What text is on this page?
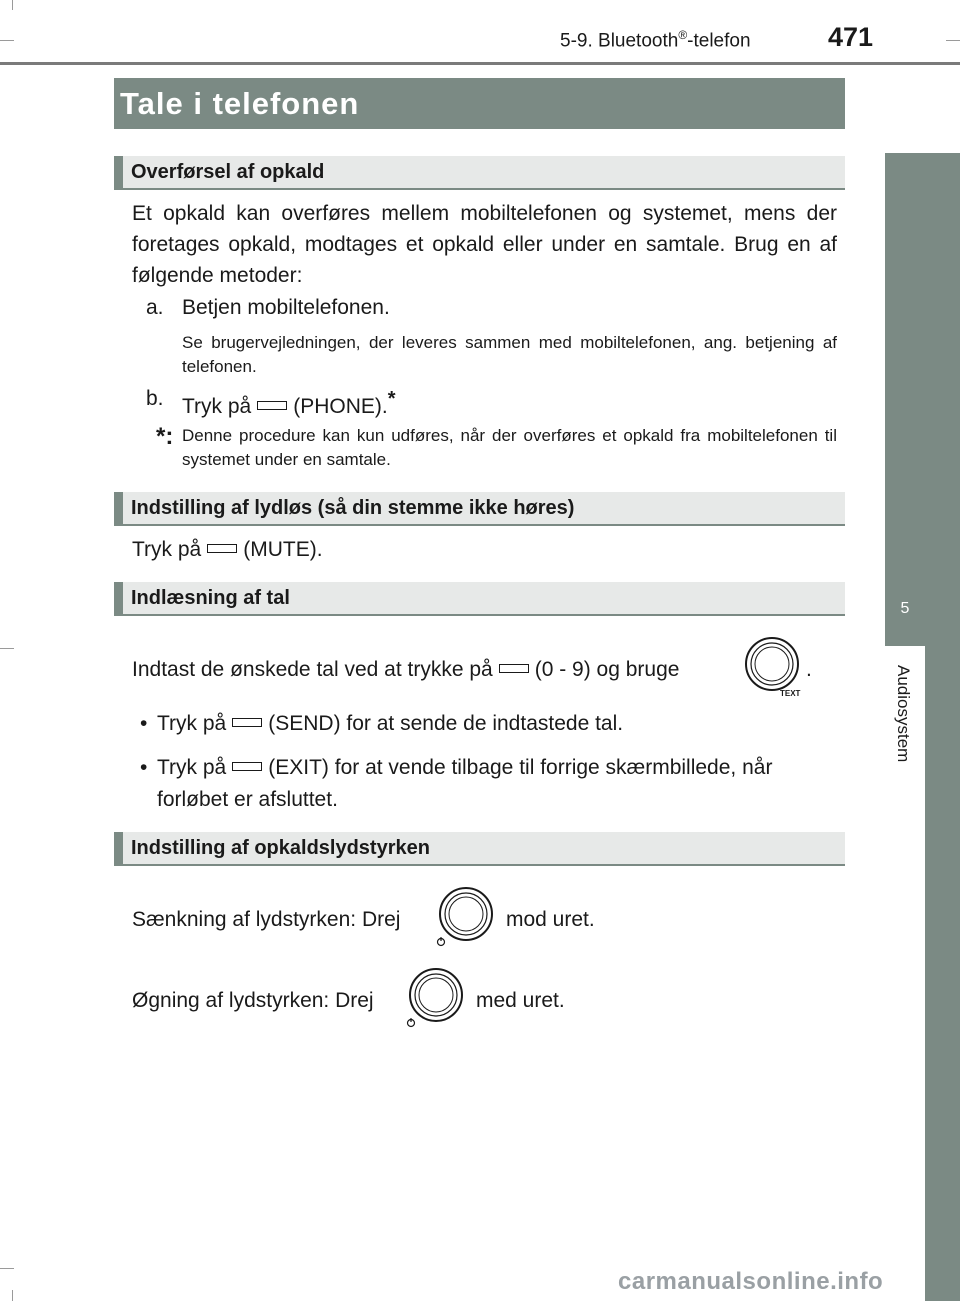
5-9. Bluetooth®-telefon	471
Tale i telefonen
5
Audiosystem
Overførsel af opkald
Et opkald kan overføres mellem mobiltelefonen og systemet, mens der foretages opkald, modtages et opkald eller under en samtale. Brug en af følgende metoder:
a. Betjen mobiltelefonen.
Se brugervejledningen, der leveres sammen med mobiltelefonen, ang. betjening af telefonen.
b. Tryk på (PHONE).*
*: Denne procedure kan kun udføres, når der overføres et opkald fra mobiltelefonen til systemet under en samtale.
Indstilling af lydløs (så din stemme ikke høres)
Tryk på (MUTE).
Indlæsning af tal
Indtast de ønskede tal ved at trykke på (0 - 9) og bruge
TEXT
.
• Tryk på (SEND) for at sende de indtastede tal.
• Tryk på (EXIT) for at vende tilbage til forrige skærmbillede, når
forløbet er afsluttet.
Indstilling af opkaldslydstyrken
Sænkning af lydstyrken: Drej	mod uret.
Øgning af lydstyrken: Drej	med uret.
carmanualsonline.info
